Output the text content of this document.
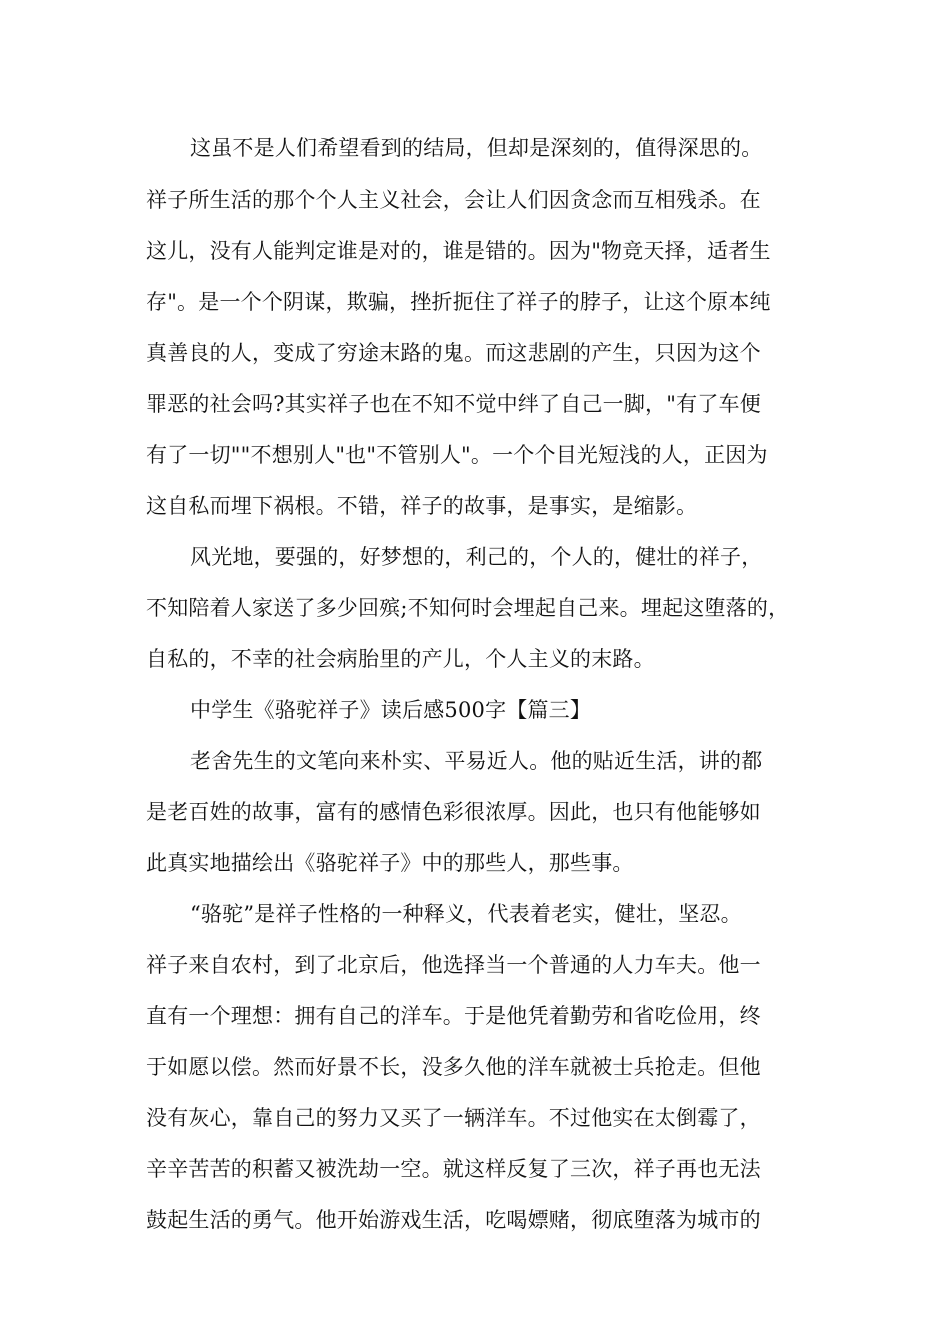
这虽不是人们希望看到的结局，但却是深刻的，值得深思的。
祥子所生活的那个个人主义社会，会让人们因贪念而互相残杀。在
这儿，没有人能判定谁是对的，谁是错的。因为"物竞天择，适者生
存"。是一个个阴谋，欺骗，挫折扼住了祥子的脖子，让这个原本纯
真善良的人，变成了穷途末路的鬼。而这悲剧的产生，只因为这个
罪恶的社会吗?其实祥子也在不知不觉中绊了自己一脚，"有了车便
有了一切""不想别人"也"不管别人"。一个个目光短浅的人，正因为
这自私而埋下祸根。不错，祥子的故事，是事实，是缩影。
风光地，要强的，好梦想的，利己的，个人的，健壮的祥子，
不知陪着人家送了多少回殡;不知何时会埋起自己来。埋起这堕落的，
自私的，不幸的社会病胎里的产儿，个人主义的末路。
中学生《骆驼祥子》读后感500字【篇三】
老舍先生的文笔向来朴实、平易近人。他的贴近生活，讲的都
是老百姓的故事，富有的感情色彩很浓厚。因此，也只有他能够如
此真实地描绘出《骆驼祥子》中的那些人，那些事。
“骆驼”是祥子性格的一种释义，代表着老实，健壮，坚忍。
祥子来自农村，到了北京后，他选择当一个普通的人力车夫。他一
直有一个理想：拥有自己的洋车。于是他凭着勤劳和省吃俭用，终
于如愿以偿。然而好景不长，没多久他的洋车就被士兵抢走。但他
没有灰心，靠自己的努力又买了一辆洋车。不过他实在太倒霉了，
辛辛苦苦的积蓄又被洗劫一空。就这样反复了三次，祥子再也无法
鼓起生活的勇气。他开始游戏生活，吃喝嫖赌，彻底堕落为城市的
